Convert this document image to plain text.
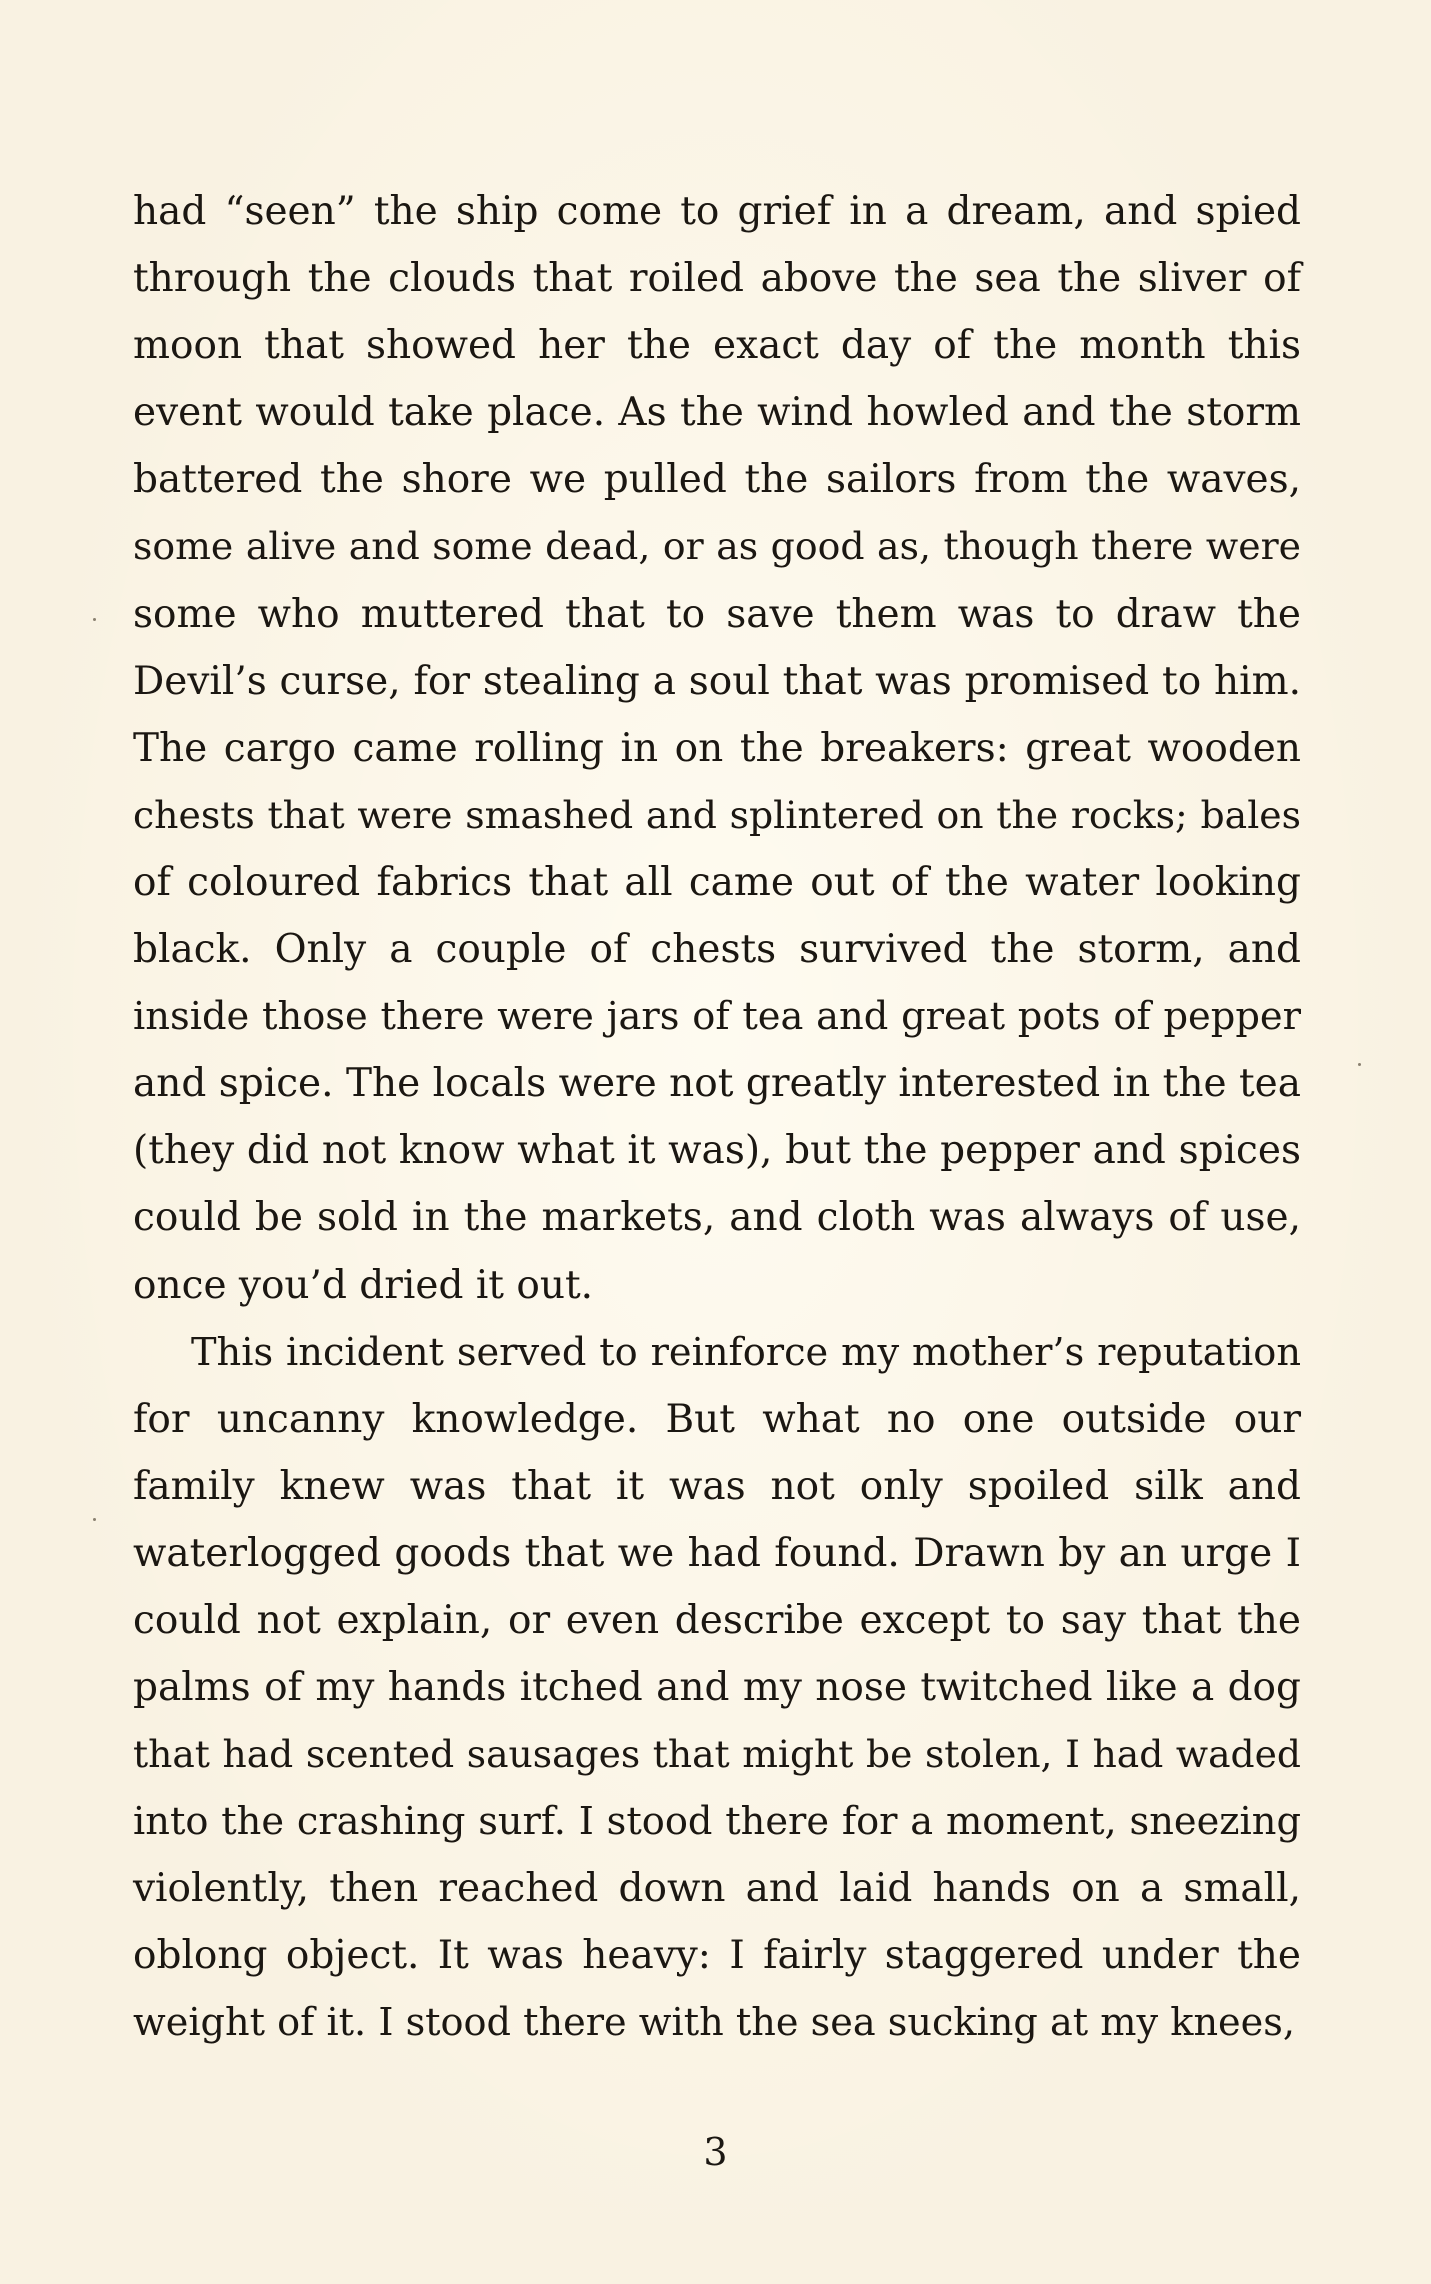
had “seen” the ship come to grief in a dream, and spied
through the clouds that roiled above the sea the sliver of
moon that showed her the exact day of the month this
event would take place. As the wind howled and the storm
battered the shore we pulled the sailors from the waves,
some alive and some dead, or as good as, though there were
some who muttered that to save them was to draw the
Devil’s curse, for stealing a soul that was promised to him.
The cargo came rolling in on the breakers: great wooden
chests that were smashed and splintered on the rocks; bales
of coloured fabrics that all came out of the water looking
black. Only a couple of chests survived the storm, and
inside those there were jars of tea and great pots of pepper
and spice. The locals were not greatly interested in the tea
(they did not know what it was), but the pepper and spices
could be sold in the markets, and cloth was always of use,
once you’d dried it out.
This incident served to reinforce my mother’s reputation
for uncanny knowledge. But what no one outside our
family knew was that it was not only spoiled silk and
waterlogged goods that we had found. Drawn by an urge I
could not explain, or even describe except to say that the
palms of my hands itched and my nose twitched like a dog
that had scented sausages that might be stolen, I had waded
into the crashing surf. I stood there for a moment, sneezing
violently, then reached down and laid hands on a small,
oblong object. It was heavy: I fairly staggered under the
weight of it. I stood there with the sea sucking at my knees,
3
